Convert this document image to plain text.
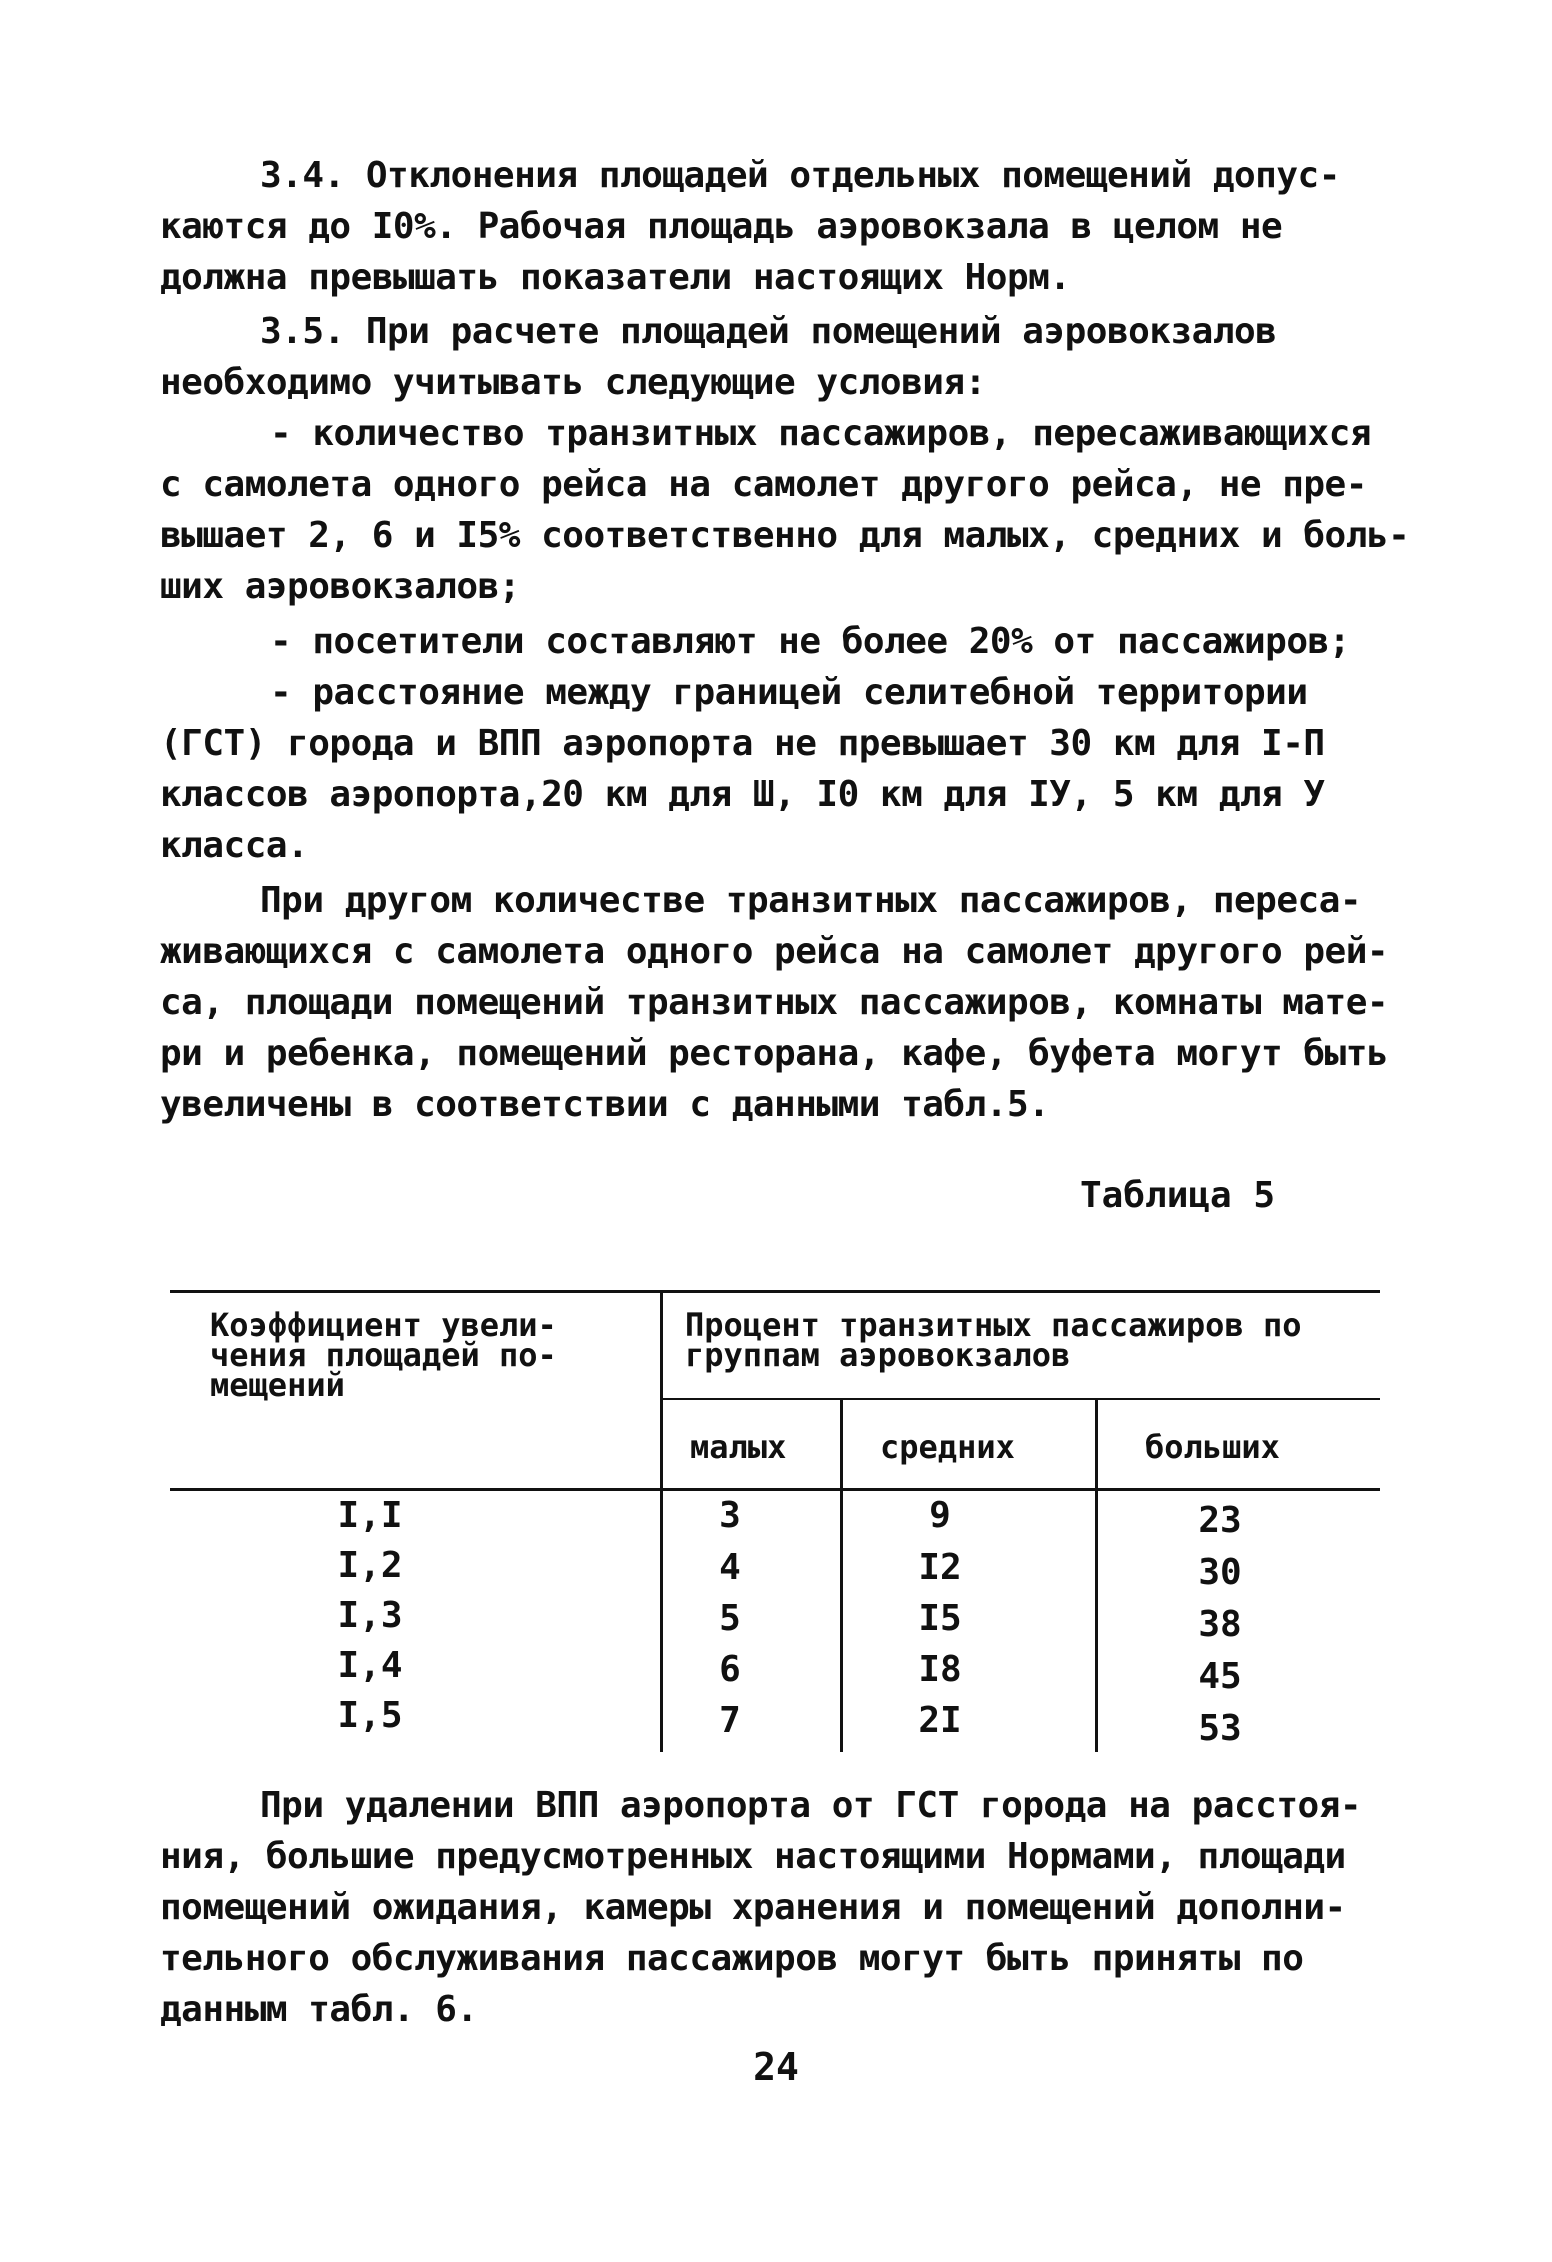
3.4. Отклонения площадей отдельных помещений допус-
каются до I0%. Рабочая площадь аэровокзала в целом не
должна превышать показатели настоящих Норм.
3.5. При расчете площадей помещений аэровокзалов
необходимо учитывать следующие условия:
- количество транзитных пассажиров, пересаживающихся
с самолета одного рейса на самолет другого рейса, не пре-
вышает 2, 6 и I5% соответственно для малых, средних и боль-
ших аэровокзалов;
- посетители составляют не более 20% от пассажиров;
- расстояние между границей селитебной территории
(ГСТ) города и ВПП аэропорта не превышает 30 км для I-П
классов аэропорта,20 км для Ш, I0 км для IУ, 5 км для У
класса.
При другом количестве транзитных пассажиров, переса-
живающихся с самолета одного рейса на самолет другого рей-
са, площади помещений транзитных пассажиров, комнаты мате-
ри и ребенка, помещений ресторана, кафе, буфета могут быть
увеличены в соответствии с данными табл.5.
Таблица 5
Коэффициент увели-
чения площадей по-
мещений
Процент транзитных пассажиров по
группам аэровокзалов
малых	средних	больших
I,I	3	9	23
I,2	4	I2	30
I,3	5	I5	38
I,4	6	I8	45
I,5	7	2I	53
При удалении ВПП аэропорта от ГСТ города на расстоя-
ния, большие предусмотренных настоящими Нормами, площади
помещений ожидания, камеры хранения и помещений дополни-
тельного обслуживания пассажиров могут быть приняты по
данным табл. 6.
24
